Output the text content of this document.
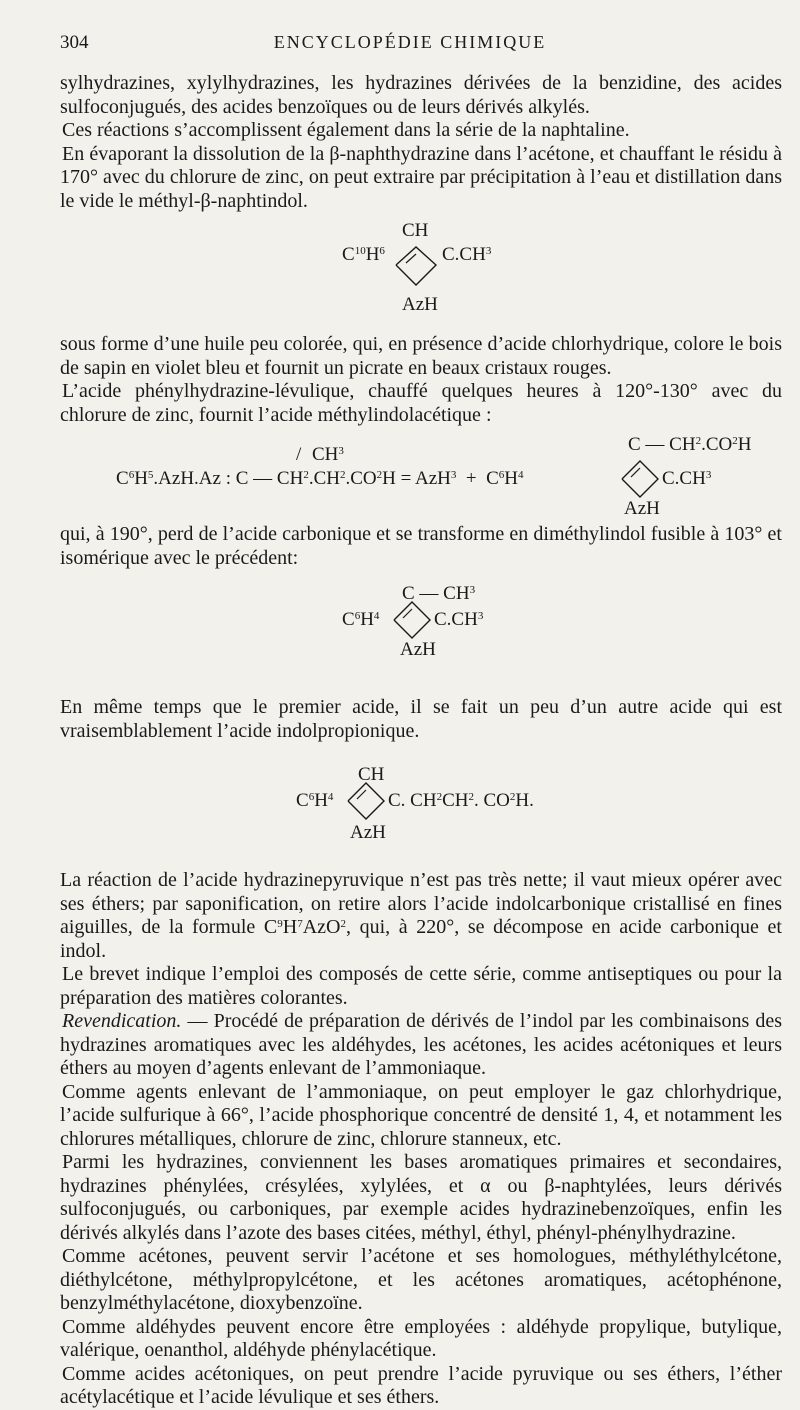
304	ENCYCLOPÉDIE CHIMIQUE

sylhydrazines, xylylhydrazines, les hydrazines dérivées de la benzidine, des acides sulfoconjugués, des acides benzoïques ou de leurs dérivés alkylés.

Ces réactions s’accomplissent également dans la série de la naphtaline.

En évaporant la dissolution de la β-naphthydrazine dans l’acétone, et chauffant le résidu à 170° avec du chlorure de zinc, on peut extraire par précipitation à l’eau et distillation dans le vide le méthyl-β-naphtindol.

CH
$C^{10}H^6$	$C.CH^3$
AzH

sous forme d’une huile peu colorée, qui, en présence d’acide chlorhydrique, colore le bois de sapin en violet bleu et fournit un picrate en beaux cristaux rouges.

L’acide phénylhydrazine-lévulique, chauffé quelques heures à 120°-130° avec du chlorure de zinc, fournit l’acide méthylindolacétique :

/ $CH^3$	C — $CH^2.CO^2H$
$C^6H^5.AzH.Az$ : C — $CH^2.CH^2.CO^2H = AzH^3 + C^6H^4$	$C.CH^3$
AzH

qui, à 190°, perd de l’acide carbonique et se transforme en diméthylindol fusible à 103° et isomérique avec le précédent:

C — $CH^3$
$C^6H^4$	$C.CH^3$
AzH

En même temps que le premier acide, il se fait un peu d’un autre acide qui est vraisemblablement l’acide indolpropionique.

CH
$C^6H^4$	C. $CH^2CH^2$. $CO^2H$.
AzH

La réaction de l’acide hydrazinepyruvique n’est pas très nette; il vaut mieux opérer avec ses éthers; par saponification, on retire alors l’acide indolcarbonique cristallisé en fines aiguilles, de la formule $C^9H^7AzO^2$, qui, à 220°, se décompose en acide carbonique et indol.

Le brevet indique l’emploi des composés de cette série, comme antiseptiques ou pour la préparation des matières colorantes.

Revendication. — Procédé de préparation de dérivés de l’indol par les combinaisons des hydrazines aromatiques avec les aldéhydes, les acétones, les acides acétoniques et leurs éthers au moyen d’agents enlevant de l’ammoniaque.

Comme agents enlevant de l’ammoniaque, on peut employer le gaz chlorhydrique, l’acide sulfurique à 66°, l’acide phosphorique concentré de densité 1, 4, et notamment les chlorures métalliques, chlorure de zinc, chlorure stanneux, etc.

Parmi les hydrazines, conviennent les bases aromatiques primaires et secondaires, hydrazines phénylées, crésylées, xylylées, et α ou β-naphtylées, leurs dérivés sulfoconjugués, ou carboniques, par exemple acides hydrazinebenzoïques, enfin les dérivés alkylés dans l’azote des bases citées, méthyl, éthyl, phényl-phénylhydrazine.

Comme acétones, peuvent servir l’acétone et ses homologues, méthyléthylcétone, diéthylcétone, méthylpropylcétone, et les acétones aromatiques, acétophénone, benzylméthylacétone, dioxybenzoïne.

Comme aldéhydes peuvent encore être employées : aldéhyde propylique, butylique, valérique, oenanthol, aldéhyde phénylacétique.

Comme acides acétoniques, on peut prendre l’acide pyruvique ou ses éthers, l’éther acétylacétique et l’acide lévulique et ses éthers.
